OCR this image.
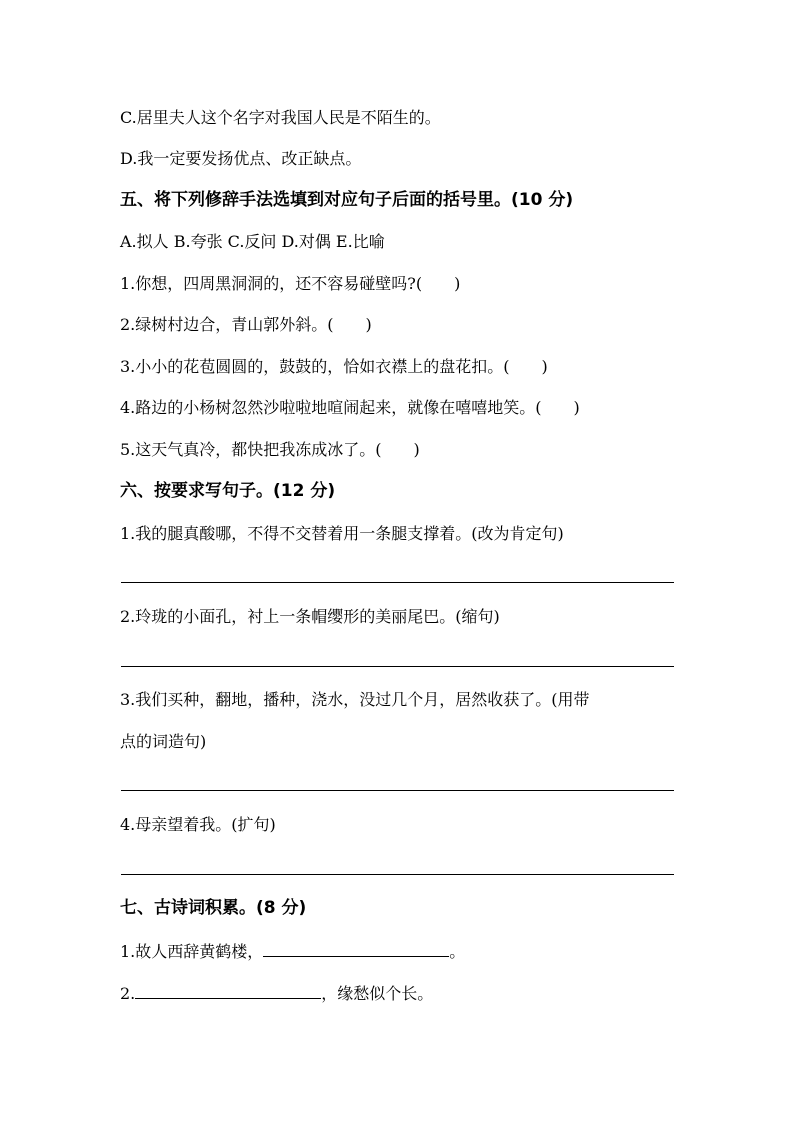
C.居里夫人这个名字对我国人民是不陌生的。
D.我一定要发扬优点、改正缺点。
五、将下列修辞手法选填到对应句子后面的括号里。(10 分)
A.拟人 B.夸张 C.反问 D.对偶 E.比喻
1.你想，四周黑洞洞的，还不容易碰壁吗?(　　)
2.绿树村边合，青山郭外斜。(　　)
3.小小的花苞圆圆的，鼓鼓的，恰如衣襟上的盘花扣。(　　)
4.路边的小杨树忽然沙啦啦地喧闹起来，就像在嘻嘻地笑。(　　)
5.这天气真冷，都快把我冻成冰了。(　　)
六、按要求写句子。(12 分)
1.我的腿真酸哪，不得不交替着用一条腿支撑着。(改为肯定句)
2.玲珑的小面孔，衬上一条帽缨形的美丽尾巴。(缩句)
3.我们买种，翻地，播种，浇水，没过几个月，居然收获了。(用带
点的词造句)
4.母亲望着我。(扩句)
七、古诗词积累。(8 分)
1.故人西辞黄鹤楼，	。
2.	，缘愁似个长。
